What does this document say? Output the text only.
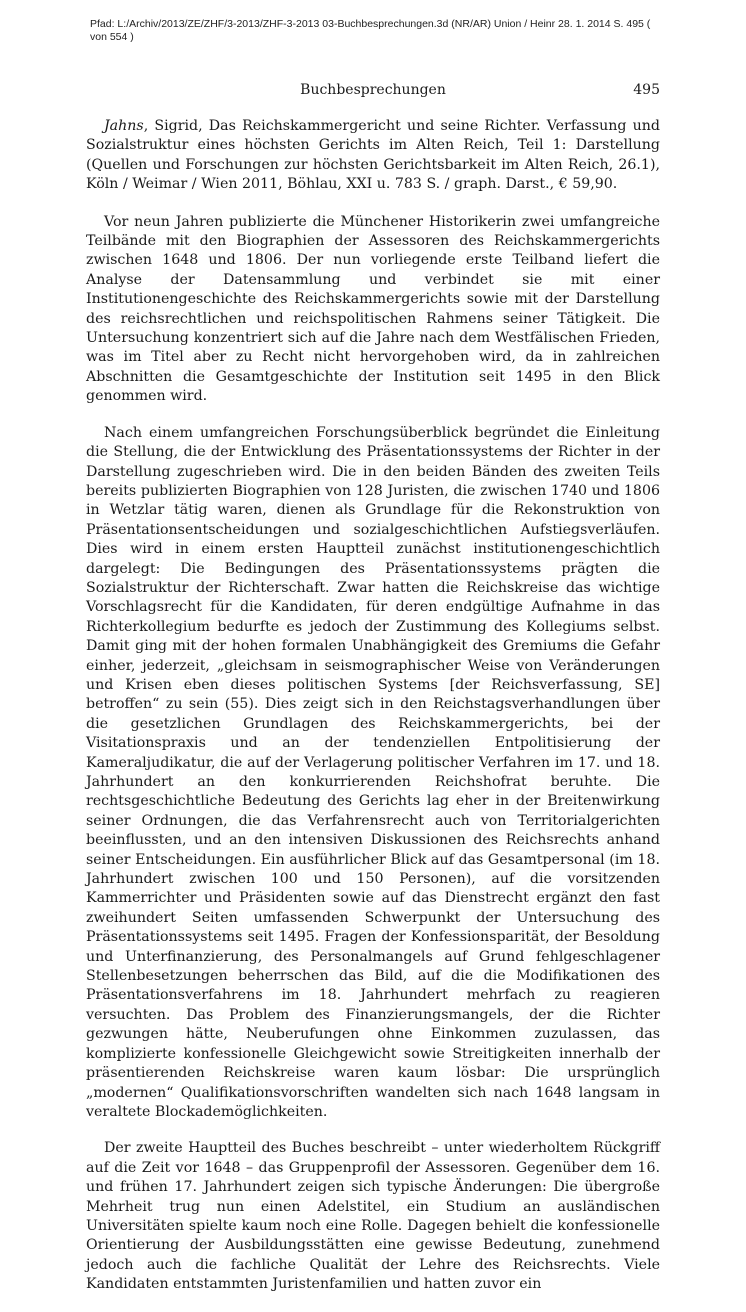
Pfad: L:/Archiv/2013/ZE/ZHF/3-2013/ZHF-3-2013 03-Buchbesprechungen.3d (NR/AR) Union / Heinr 28. 1. 2014 S. 495 ( von 554 )

Buchbesprechungen	495

Jahns, Sigrid, Das Reichskammergericht und seine Richter. Verfassung und Sozialstruktur eines höchsten Gerichts im Alten Reich, Teil 1: Darstellung (Quellen und Forschungen zur höchsten Gerichtsbarkeit im Alten Reich, 26.1), Köln / Weimar / Wien 2011, Böhlau, XXI u. 783 S. / graph. Darst., € 59,90.

Vor neun Jahren publizierte die Münchener Historikerin zwei umfangreiche Teilbände mit den Biographien der Assessoren des Reichskammergerichts zwischen 1648 und 1806. Der nun vorliegende erste Teilband liefert die Analyse der Datensammlung und verbindet sie mit einer Institutionengeschichte des Reichskammergerichts sowie mit der Darstellung des reichsrechtlichen und reichspolitischen Rahmens seiner Tätigkeit. Die Untersuchung konzentriert sich auf die Jahre nach dem Westfälischen Frieden, was im Titel aber zu Recht nicht hervorgehoben wird, da in zahlreichen Abschnitten die Gesamtgeschichte der Institution seit 1495 in den Blick genommen wird.

Nach einem umfangreichen Forschungsüberblick begründet die Einleitung die Stellung, die der Entwicklung des Präsentationssystems der Richter in der Darstellung zugeschrieben wird. Die in den beiden Bänden des zweiten Teils bereits publizierten Biographien von 128 Juristen, die zwischen 1740 und 1806 in Wetzlar tätig waren, dienen als Grundlage für die Rekonstruktion von Präsentationsentscheidungen und sozialgeschichtlichen Aufstiegsverläufen. Dies wird in einem ersten Hauptteil zunächst institutionengeschichtlich dargelegt: Die Bedingungen des Präsentationssystems prägten die Sozialstruktur der Richterschaft. Zwar hatten die Reichskreise das wichtige Vorschlagsrecht für die Kandidaten, für deren endgültige Aufnahme in das Richterkollegium bedurfte es jedoch der Zustimmung des Kollegiums selbst. Damit ging mit der hohen formalen Unabhängigkeit des Gremiums die Gefahr einher, jederzeit, „gleichsam in seismographischer Weise von Veränderungen und Krisen eben dieses politischen Systems [der Reichsverfassung, SE] betroffen“ zu sein (55). Dies zeigt sich in den Reichstagsverhandlungen über die gesetzlichen Grundlagen des Reichskammergerichts, bei der Visitationspraxis und an der tendenziellen Entpolitisierung der Kameraljudikatur, die auf der Verlagerung politischer Verfahren im 17. und 18. Jahrhundert an den konkurrierenden Reichshofrat beruhte. Die rechtsgeschichtliche Bedeutung des Gerichts lag eher in der Breitenwirkung seiner Ordnungen, die das Verfahrensrecht auch von Territorialgerichten beeinflussten, und an den intensiven Diskussionen des Reichsrechts anhand seiner Entscheidungen. Ein ausführlicher Blick auf das Gesamtpersonal (im 18. Jahrhundert zwischen 100 und 150 Personen), auf die vorsitzenden Kammerrichter und Präsidenten sowie auf das Dienstrecht ergänzt den fast zweihundert Seiten umfassenden Schwerpunkt der Untersuchung des Präsentationssystems seit 1495. Fragen der Konfessionsparität, der Besoldung und Unterfinanzierung, des Personalmangels auf Grund fehlgeschlagener Stellenbesetzungen beherrschen das Bild, auf die die Modifikationen des Präsentationsverfahrens im 18. Jahrhundert mehrfach zu reagieren versuchten. Das Problem des Finanzierungsmangels, der die Richter gezwungen hätte, Neuberufungen ohne Einkommen zuzulassen, das komplizierte konfessionelle Gleichgewicht sowie Streitigkeiten innerhalb der präsentierenden Reichskreise waren kaum lösbar: Die ursprünglich „modernen“ Qualifikationsvorschriften wandelten sich nach 1648 langsam in veraltete Blockademöglichkeiten.

Der zweite Hauptteil des Buches beschreibt – unter wiederholtem Rückgriff auf die Zeit vor 1648 – das Gruppenprofil der Assessoren. Gegenüber dem 16. und frühen 17. Jahrhundert zeigen sich typische Änderungen: Die übergroße Mehrheit trug nun einen Adelstitel, ein Studium an ausländischen Universitäten spielte kaum noch eine Rolle. Dagegen behielt die konfessionelle Orientierung der Ausbildungsstätten eine gewisse Bedeutung, zunehmend jedoch auch die fachliche Qualität der Lehre des Reichsrechts. Viele Kandidaten entstammten Juristenfamilien und hatten zuvor ein
